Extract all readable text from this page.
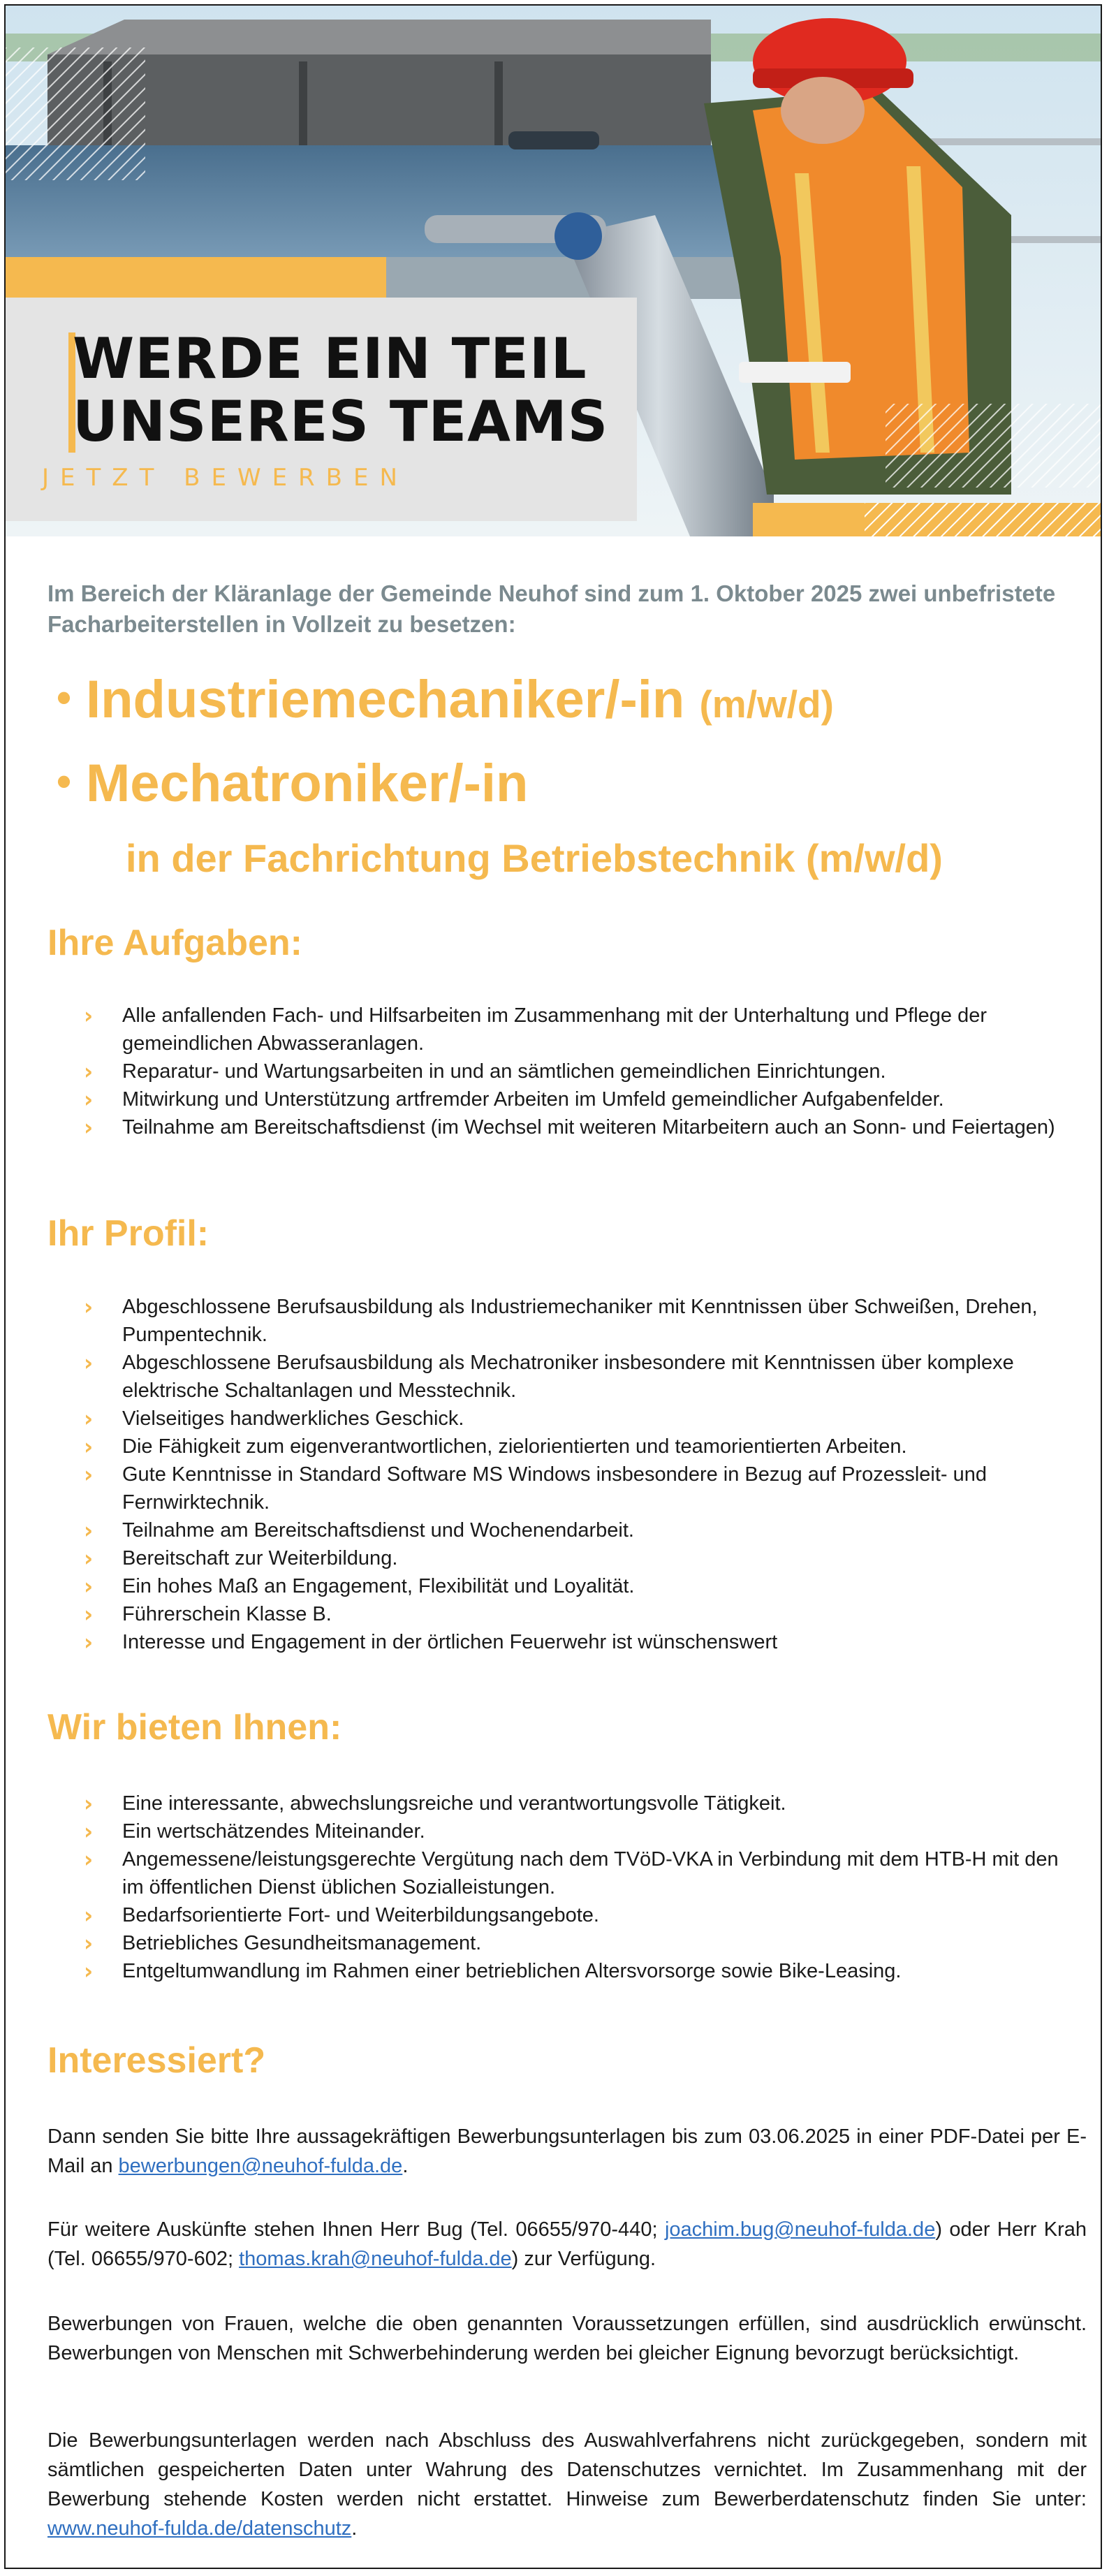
WERDE EIN TEIL
UNSERES TEAMS
JETZT BEWERBEN
Im Bereich der Kläranlage der Gemeinde Neuhof sind zum 1. Oktober 2025 zwei unbefristete Facharbeiterstellen in Vollzeit zu besetzen:
• Industriemechaniker/-in (m/w/d)
• Mechatroniker/-in
in der Fachrichtung Betriebstechnik (m/w/d)
Ihre Aufgaben:
› Alle anfallenden Fach- und Hilfsarbeiten im Zusammenhang mit der Unterhaltung und Pflege der gemeindlichen Abwasseranlagen.
› Reparatur- und Wartungsarbeiten in und an sämtlichen gemeindlichen Einrichtungen.
› Mitwirkung und Unterstützung artfremder Arbeiten im Umfeld gemeindlicher Aufgabenfelder.
› Teilnahme am Bereitschaftsdienst (im Wechsel mit weiteren Mitarbeitern auch an Sonn- und Feiertagen)
Ihr Profil:
› Abgeschlossene Berufsausbildung als Industriemechaniker mit Kenntnissen über Schweißen, Drehen, Pumpentechnik.
› Abgeschlossene Berufsausbildung als Mechatroniker insbesondere mit Kenntnissen über komplexe elektrische Schaltanlagen und Messtechnik.
› Vielseitiges handwerkliches Geschick.
› Die Fähigkeit zum eigenverantwortlichen, zielorientierten und teamorientierten Arbeiten.
› Gute Kenntnisse in Standard Software MS Windows insbesondere in Bezug auf Prozessleit- und Fernwirktechnik.
› Teilnahme am Bereitschaftsdienst und Wochenendarbeit.
› Bereitschaft zur Weiterbildung.
› Ein hohes Maß an Engagement, Flexibilität und Loyalität.
› Führerschein Klasse B.
› Interesse und Engagement in der örtlichen Feuerwehr ist wünschenswert
Wir bieten Ihnen:
› Eine interessante, abwechslungsreiche und verantwortungsvolle Tätigkeit.
› Ein wertschätzendes Miteinander.
› Angemessene/leistungsgerechte Vergütung nach dem TVöD-VKA in Verbindung mit dem HTB-H mit den im öffentlichen Dienst üblichen Sozialleistungen.
› Bedarfsorientierte Fort- und Weiterbildungsangebote.
› Betriebliches Gesundheitsmanagement.
› Entgeltumwandlung im Rahmen einer betrieblichen Altersvorsorge sowie Bike-Leasing.
Interessiert?
Dann senden Sie bitte Ihre aussagekräftigen Bewerbungsunterlagen bis zum 03.06.2025 in einer PDF-Datei per E-Mail an bewerbungen@neuhof-fulda.de.
Für weitere Auskünfte stehen Ihnen Herr Bug (Tel. 06655/970-440; joachim.bug@neuhof-fulda.de) oder Herr Krah (Tel. 06655/970-602; thomas.krah@neuhof-fulda.de) zur Verfügung.
Bewerbungen von Frauen, welche die oben genannten Voraussetzungen erfüllen, sind ausdrücklich erwünscht. Bewerbungen von Menschen mit Schwerbehinderung werden bei gleicher Eignung bevorzugt berücksichtigt.
Die Bewerbungsunterlagen werden nach Abschluss des Auswahlverfahrens nicht zurückgegeben, sondern mit sämtlichen gespeicherten Daten unter Wahrung des Datenschutzes vernichtet. Im Zusammenhang mit der Bewerbung stehende Kosten werden nicht erstattet. Hinweise zum Bewerberdatenschutz finden Sie unter: www.neuhof-fulda.de/datenschutz.
